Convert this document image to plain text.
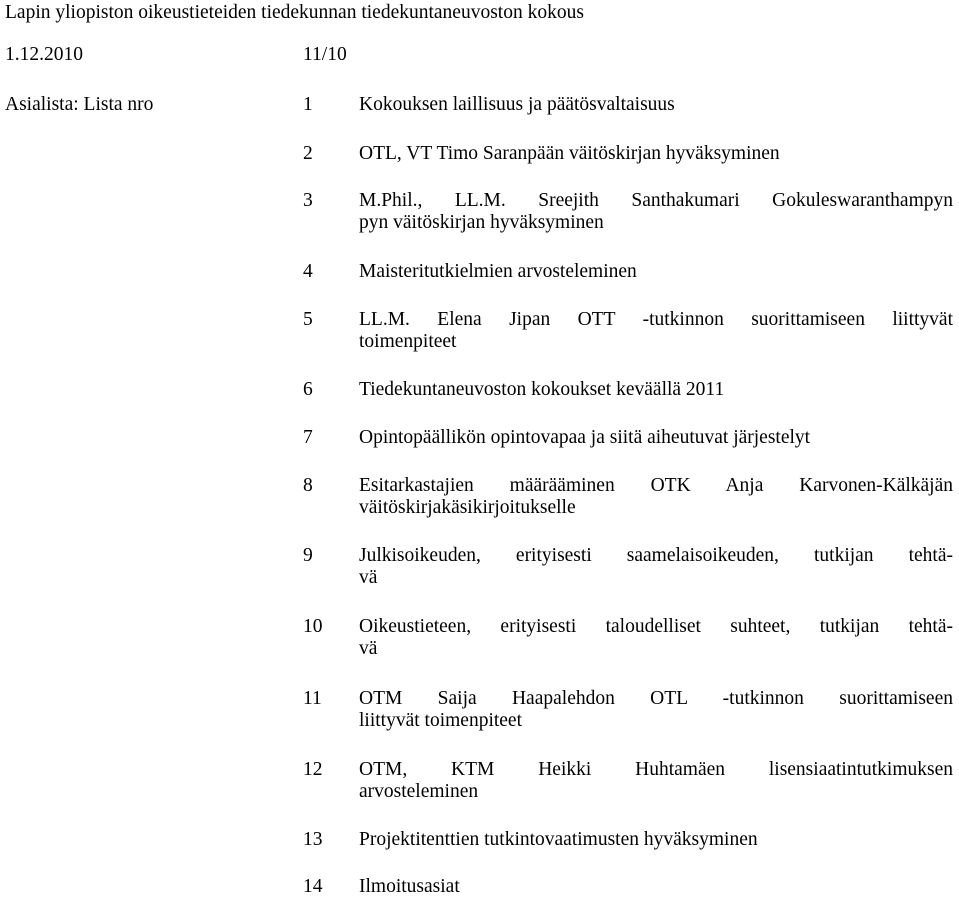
Lapin yliopiston oikeustieteiden tiedekunnan tiedekuntaneuvoston kokous
1.12.2010	11/10
Asialista: Lista nro	1 Kokouksen laillisuus ja päätösvaltaisuus
2 OTL, VT Timo Saranpään väitöskirjan hyväksyminen
3 M.Phil., LL.M. Sreejith Santhakumari Gokuleswaranthampyn
pyn väitöskirjan hyväksyminen
4 Maisteritutkielmien arvosteleminen
5 LL.M. Elena Jipan OTT -tutkinnon suorittamiseen liittyvät
toimenpiteet
6 Tiedekuntaneuvoston kokoukset keväällä 2011
7 Opintopäällikön opintovapaa ja siitä aiheutuvat järjestelyt
8 Esitarkastajien määrääminen OTK Anja Karvonen-Kälkäjän
väitöskirjakäsikirjoitukselle
9 Julkisoikeuden, erityisesti saamelaisoikeuden, tutkijan tehtä-
vä
10 Oikeustieteen, erityisesti taloudelliset suhteet, tutkijan tehtä-
vä
11 OTM Saija Haapalehdon OTL -tutkinnon suorittamiseen
liittyvät toimenpiteet
12 OTM, KTM Heikki Huhtamäen lisensiaatintutkimuksen
arvosteleminen
13 Projektitenttien tutkintovaatimusten hyväksyminen
14 Ilmoitusasiat
